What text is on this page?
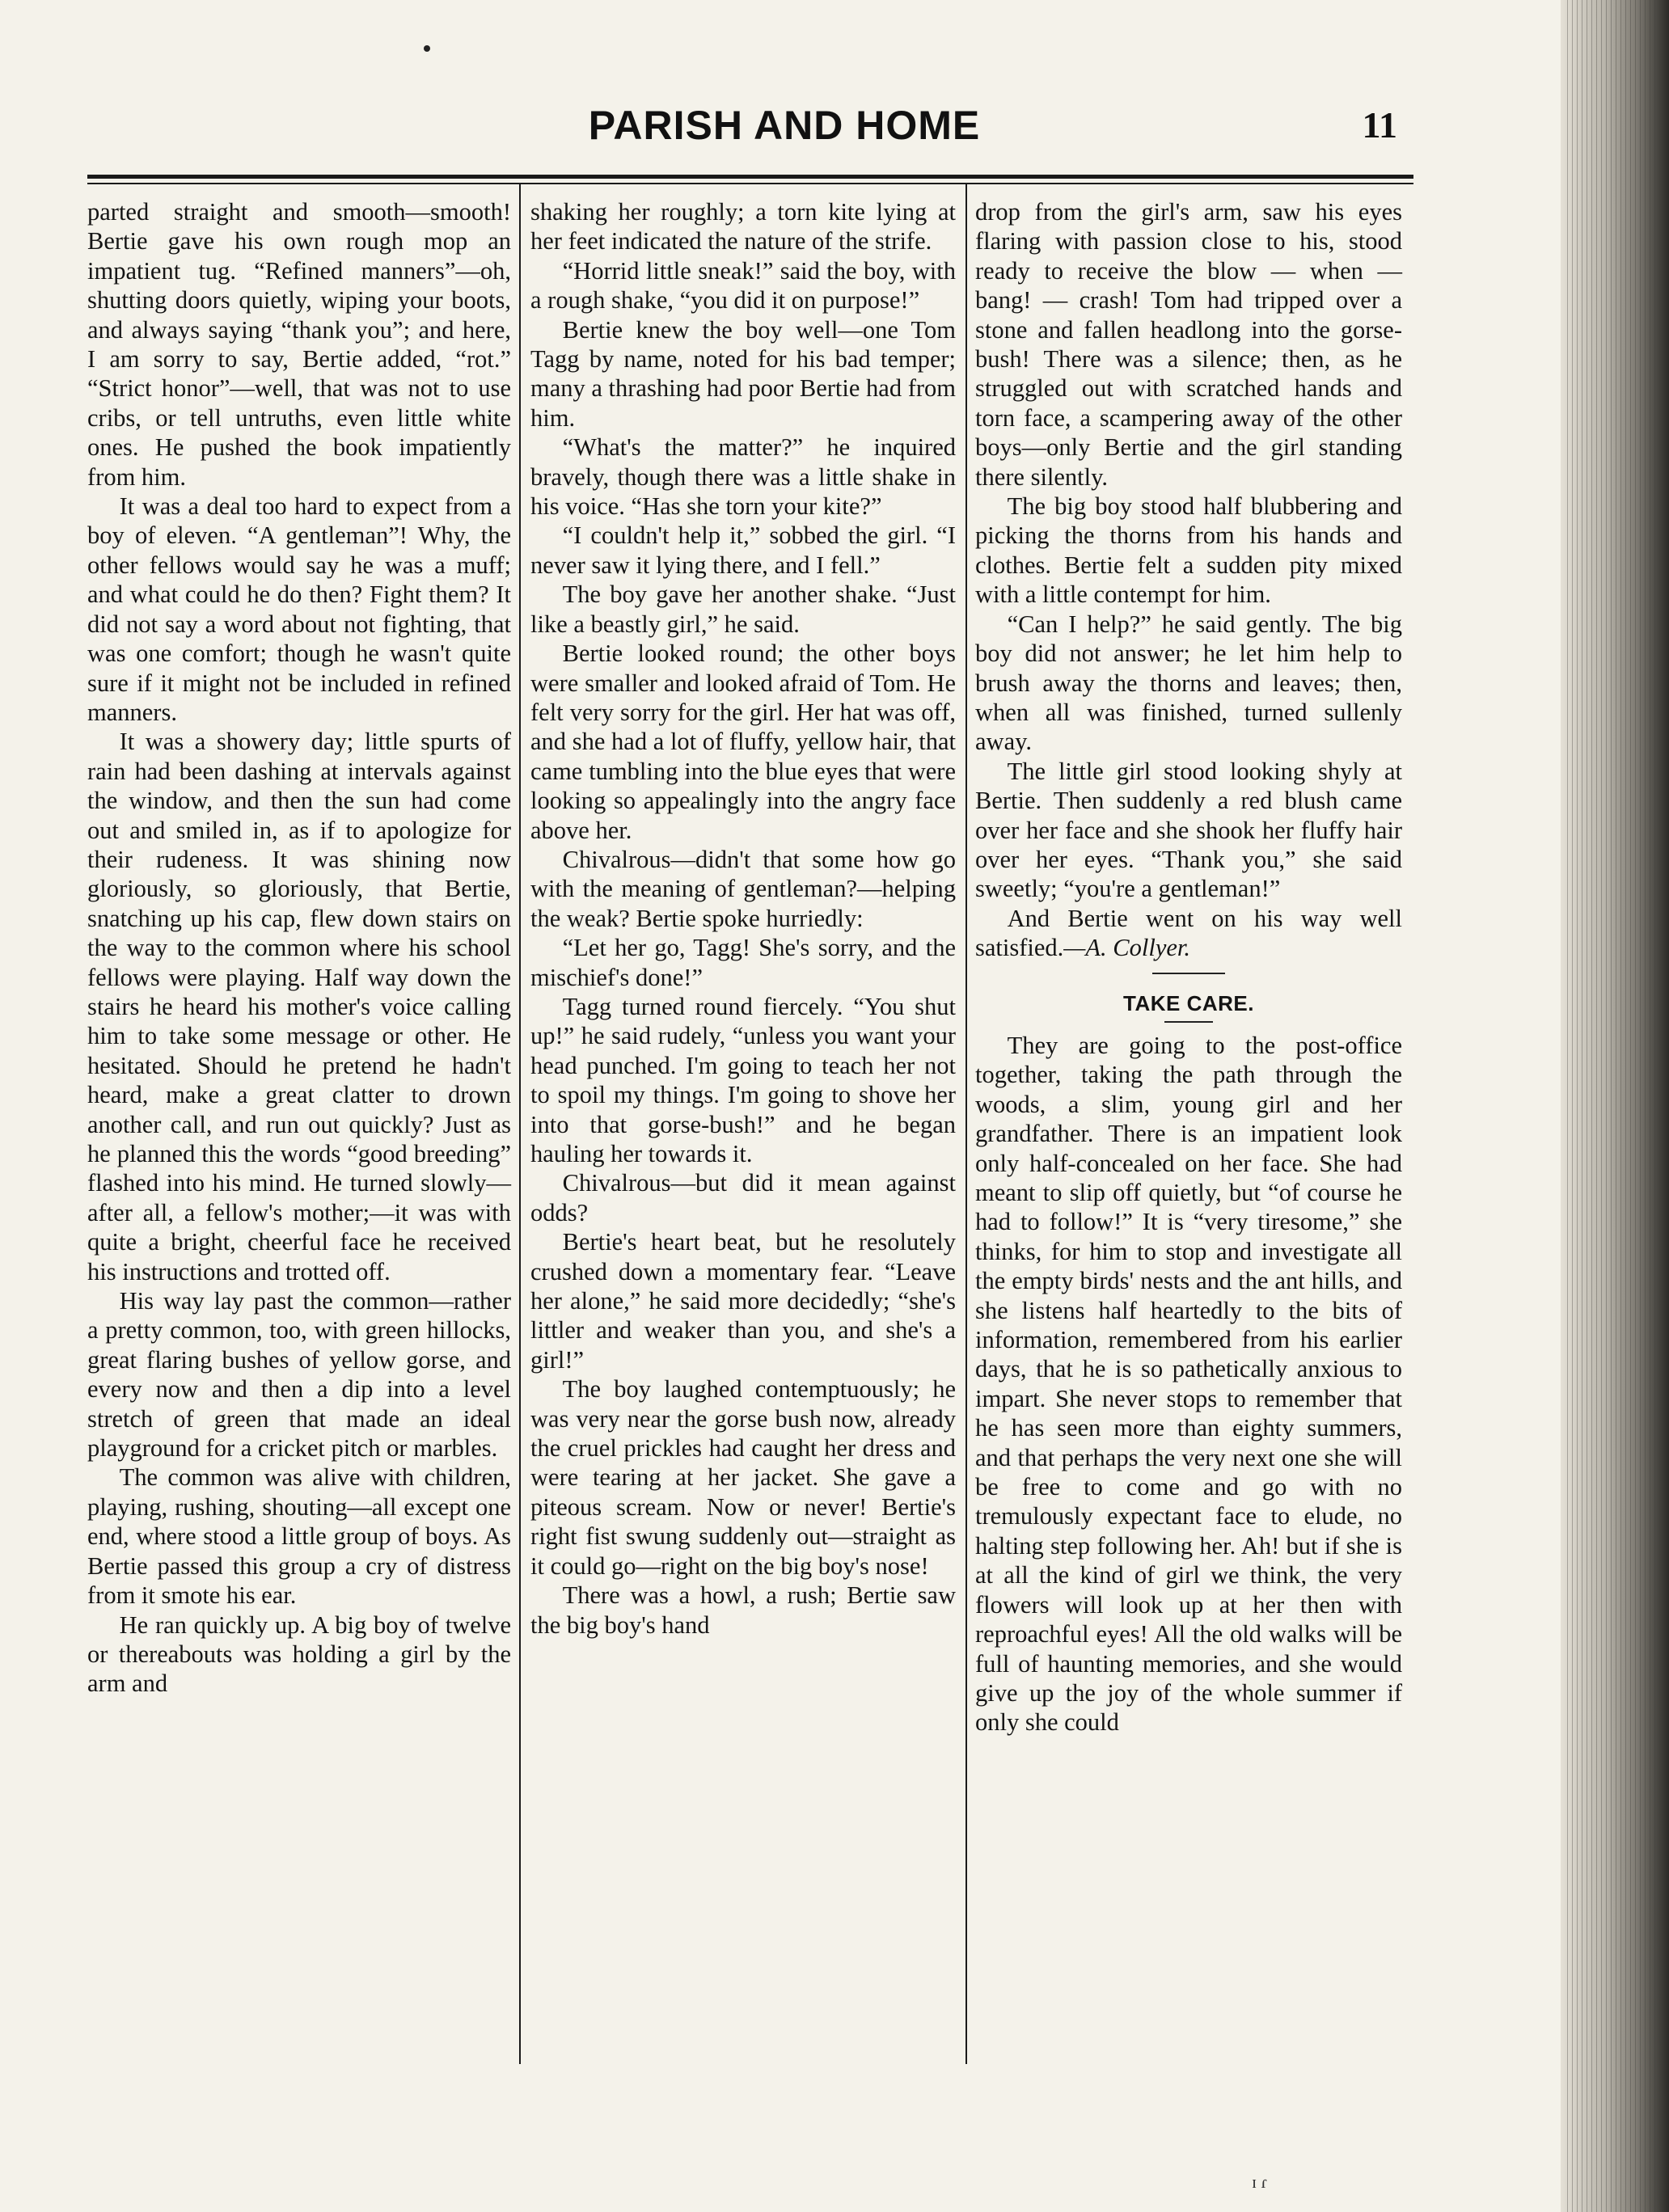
PARISH AND HOME	11

parted straight and smooth—smooth! Bertie gave his own rough mop an impatient tug. “Refined manners”—oh, shutting doors quietly, wiping your boots, and always saying “thank you”; and here, I am sorry to say, Bertie added, “rot.” “Strict honor”—well, that was not to use cribs, or tell untruths, even little white ones. He pushed the book impatiently from him.

It was a deal too hard to expect from a boy of eleven. “A gentleman”! Why, the other fellows would say he was a muff; and what could he do then? Fight them? It did not say a word about not fighting, that was one comfort; though he wasn't quite sure if it might not be included in refined manners.

It was a showery day; little spurts of rain had been dashing at intervals against the window, and then the sun had come out and smiled in, as if to apologize for their rudeness. It was shining now gloriously, so gloriously, that Bertie, snatching up his cap, flew down stairs on the way to the common where his school fellows were playing. Half way down the stairs he heard his mother's voice calling him to take some message or other. He hesitated. Should he pretend he hadn't heard, make a great clatter to drown another call, and run out quickly? Just as he planned this the words “good breeding” flashed into his mind. He turned slowly—after all, a fellow's mother;—it was with quite a bright, cheerful face he received his instructions and trotted off.

His way lay past the common—rather a pretty common, too, with green hillocks, great flaring bushes of yellow gorse, and every now and then a dip into a level stretch of green that made an ideal playground for a cricket pitch or marbles.

The common was alive with children, playing, rushing, shouting—all except one end, where stood a little group of boys. As Bertie passed this group a cry of distress from it smote his ear.

He ran quickly up. A big boy of twelve or thereabouts was holding a girl by the arm and

shaking her roughly; a torn kite lying at her feet indicated the nature of the strife.

“Horrid little sneak!” said the boy, with a rough shake, “you did it on purpose!”

Bertie knew the boy well—one Tom Tagg by name, noted for his bad temper; many a thrashing had poor Bertie had from him.

“What's the matter?” he inquired bravely, though there was a little shake in his voice. “Has she torn your kite?”

“I couldn't help it,” sobbed the girl. “I never saw it lying there, and I fell.”

The boy gave her another shake. “Just like a beastly girl,” he said.

Bertie looked round; the other boys were smaller and looked afraid of Tom. He felt very sorry for the girl. Her hat was off, and she had a lot of fluffy, yellow hair, that came tumbling into the blue eyes that were looking so appealingly into the angry face above her.

Chivalrous—didn't that some how go with the meaning of gentleman?—helping the weak? Bertie spoke hurriedly:

“Let her go, Tagg! She's sorry, and the mischief's done!”

Tagg turned round fiercely. “You shut up!” he said rudely, “unless you want your head punched. I'm going to teach her not to spoil my things. I'm going to shove her into that gorse-bush!” and he began hauling her towards it.

Chivalrous—but did it mean against odds?

Bertie's heart beat, but he resolutely crushed down a momentary fear. “Leave her alone,” he said more decidedly; “she's littler and weaker than you, and she's a girl!”

The boy laughed contemptuously; he was very near the gorse bush now, already the cruel prickles had caught her dress and were tearing at her jacket. She gave a piteous scream. Now or never! Bertie's right fist swung suddenly out—straight as it could go—right on the big boy's nose!

There was a howl, a rush; Bertie saw the big boy's hand

drop from the girl's arm, saw his eyes flaring with passion close to his, stood ready to receive the blow — when — bang! — crash! Tom had tripped over a stone and fallen headlong into the gorse-bush! There was a silence; then, as he struggled out with scratched hands and torn face, a scampering away of the other boys—only Bertie and the girl standing there silently.

The big boy stood half blubbering and picking the thorns from his hands and clothes. Bertie felt a sudden pity mixed with a little contempt for him.

“Can I help?” he said gently. The big boy did not answer; he let him help to brush away the thorns and leaves; then, when all was finished, turned sullenly away.

The little girl stood looking shyly at Bertie. Then suddenly a red blush came over her face and she shook her fluffy hair over her eyes. “Thank you,” she said sweetly; “you're a gentleman!”

And Bertie went on his way well satisfied.—A. Collyer.

TAKE CARE.

They are going to the post-office together, taking the path through the woods, a slim, young girl and her grandfather. There is an impatient look only half-concealed on her face. She had meant to slip off quietly, but “of course he had to follow!” It is “very tiresome,” she thinks, for him to stop and investigate all the empty birds' nests and the ant hills, and she listens half heartedly to the bits of information, remembered from his earlier days, that he is so pathetically anxious to impart. She never stops to remember that he has seen more than eighty summers, and that perhaps the very next one she will be free to come and go with no tremulously expectant face to elude, no halting step following her. Ah! but if she is at all the kind of girl we think, the very flowers will look up at her then with reproachful eyes! All the old walks will be full of haunting memories, and she would give up the joy of the whole summer if only she could

ɪ ɾ
